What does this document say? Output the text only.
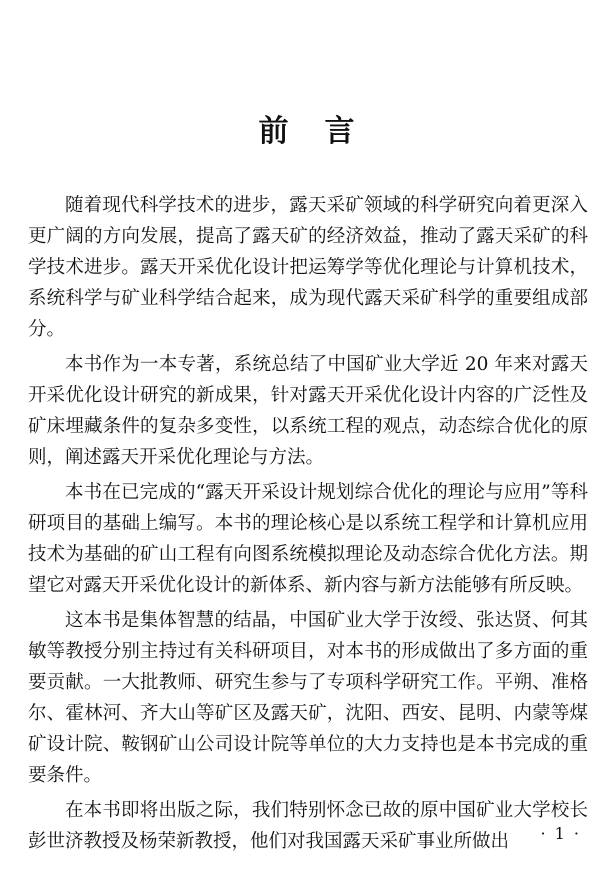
前言

随着现代科学技术的进步，露天采矿领域的科学研究向着更深入更广阔的方向发展，提高了露天矿的经济效益，推动了露天采矿的科学技术进步。露天开采优化设计把运筹学等优化理论与计算机技术，系统科学与矿业科学结合起来，成为现代露天采矿科学的重要组成部分。

本书作为一本专著，系统总结了中国矿业大学近 20 年来对露天开采优化设计研究的新成果，针对露天开采优化设计内容的广泛性及矿床埋藏条件的复杂多变性，以系统工程的观点，动态综合优化的原则，阐述露天开采优化理论与方法。

本书在已完成的“露天开采设计规划综合优化的理论与应用”等科研项目的基础上编写。本书的理论核心是以系统工程学和计算机应用技术为基础的矿山工程有向图系统模拟理论及动态综合优化方法。期望它对露天开采优化设计的新体系、新内容与新方法能够有所反映。

这本书是集体智慧的结晶，中国矿业大学于汝绶、张达贤、何其敏等教授分别主持过有关科研项目，对本书的形成做出了多方面的重要贡献。一大批教师、研究生参与了专项科学研究工作。平朔、准格尔、霍林河、齐大山等矿区及露天矿，沈阳、西安、昆明、内蒙等煤矿设计院、鞍钢矿山公司设计院等单位的大力支持也是本书完成的重要条件。

在本书即将出版之际，我们特别怀念已故的原中国矿业大学校长彭世济教授及杨荣新教授，他们对我国露天采矿事业所做出	· 1 ·
